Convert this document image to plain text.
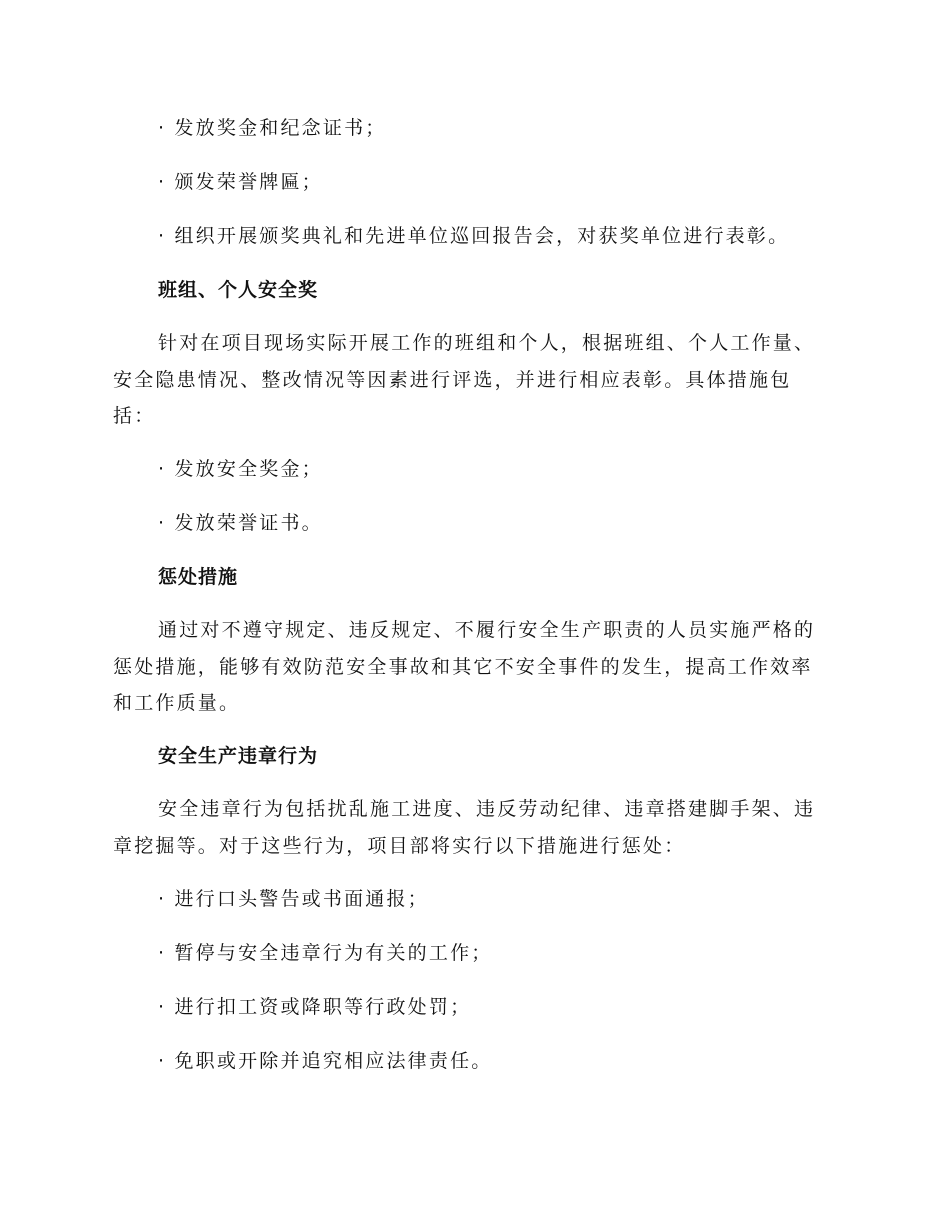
· 发放奖金和纪念证书；
· 颁发荣誉牌匾；
· 组织开展颁奖典礼和先进单位巡回报告会，对获奖单位进行表彰。
班组、个人安全奖
针对在项目现场实际开展工作的班组和个人，根据班组、个人工作量、
安全隐患情况、整改情况等因素进行评选，并进行相应表彰。具体措施包
括：
· 发放安全奖金；
· 发放荣誉证书。
惩处措施
通过对不遵守规定、违反规定、不履行安全生产职责的人员实施严格的
惩处措施，能够有效防范安全事故和其它不安全事件的发生，提高工作效率
和工作质量。
安全生产违章行为
安全违章行为包括扰乱施工进度、违反劳动纪律、违章搭建脚手架、违
章挖掘等。对于这些行为，项目部将实行以下措施进行惩处：
· 进行口头警告或书面通报；
· 暂停与安全违章行为有关的工作；
· 进行扣工资或降职等行政处罚；
· 免职或开除并追究相应法律责任。
